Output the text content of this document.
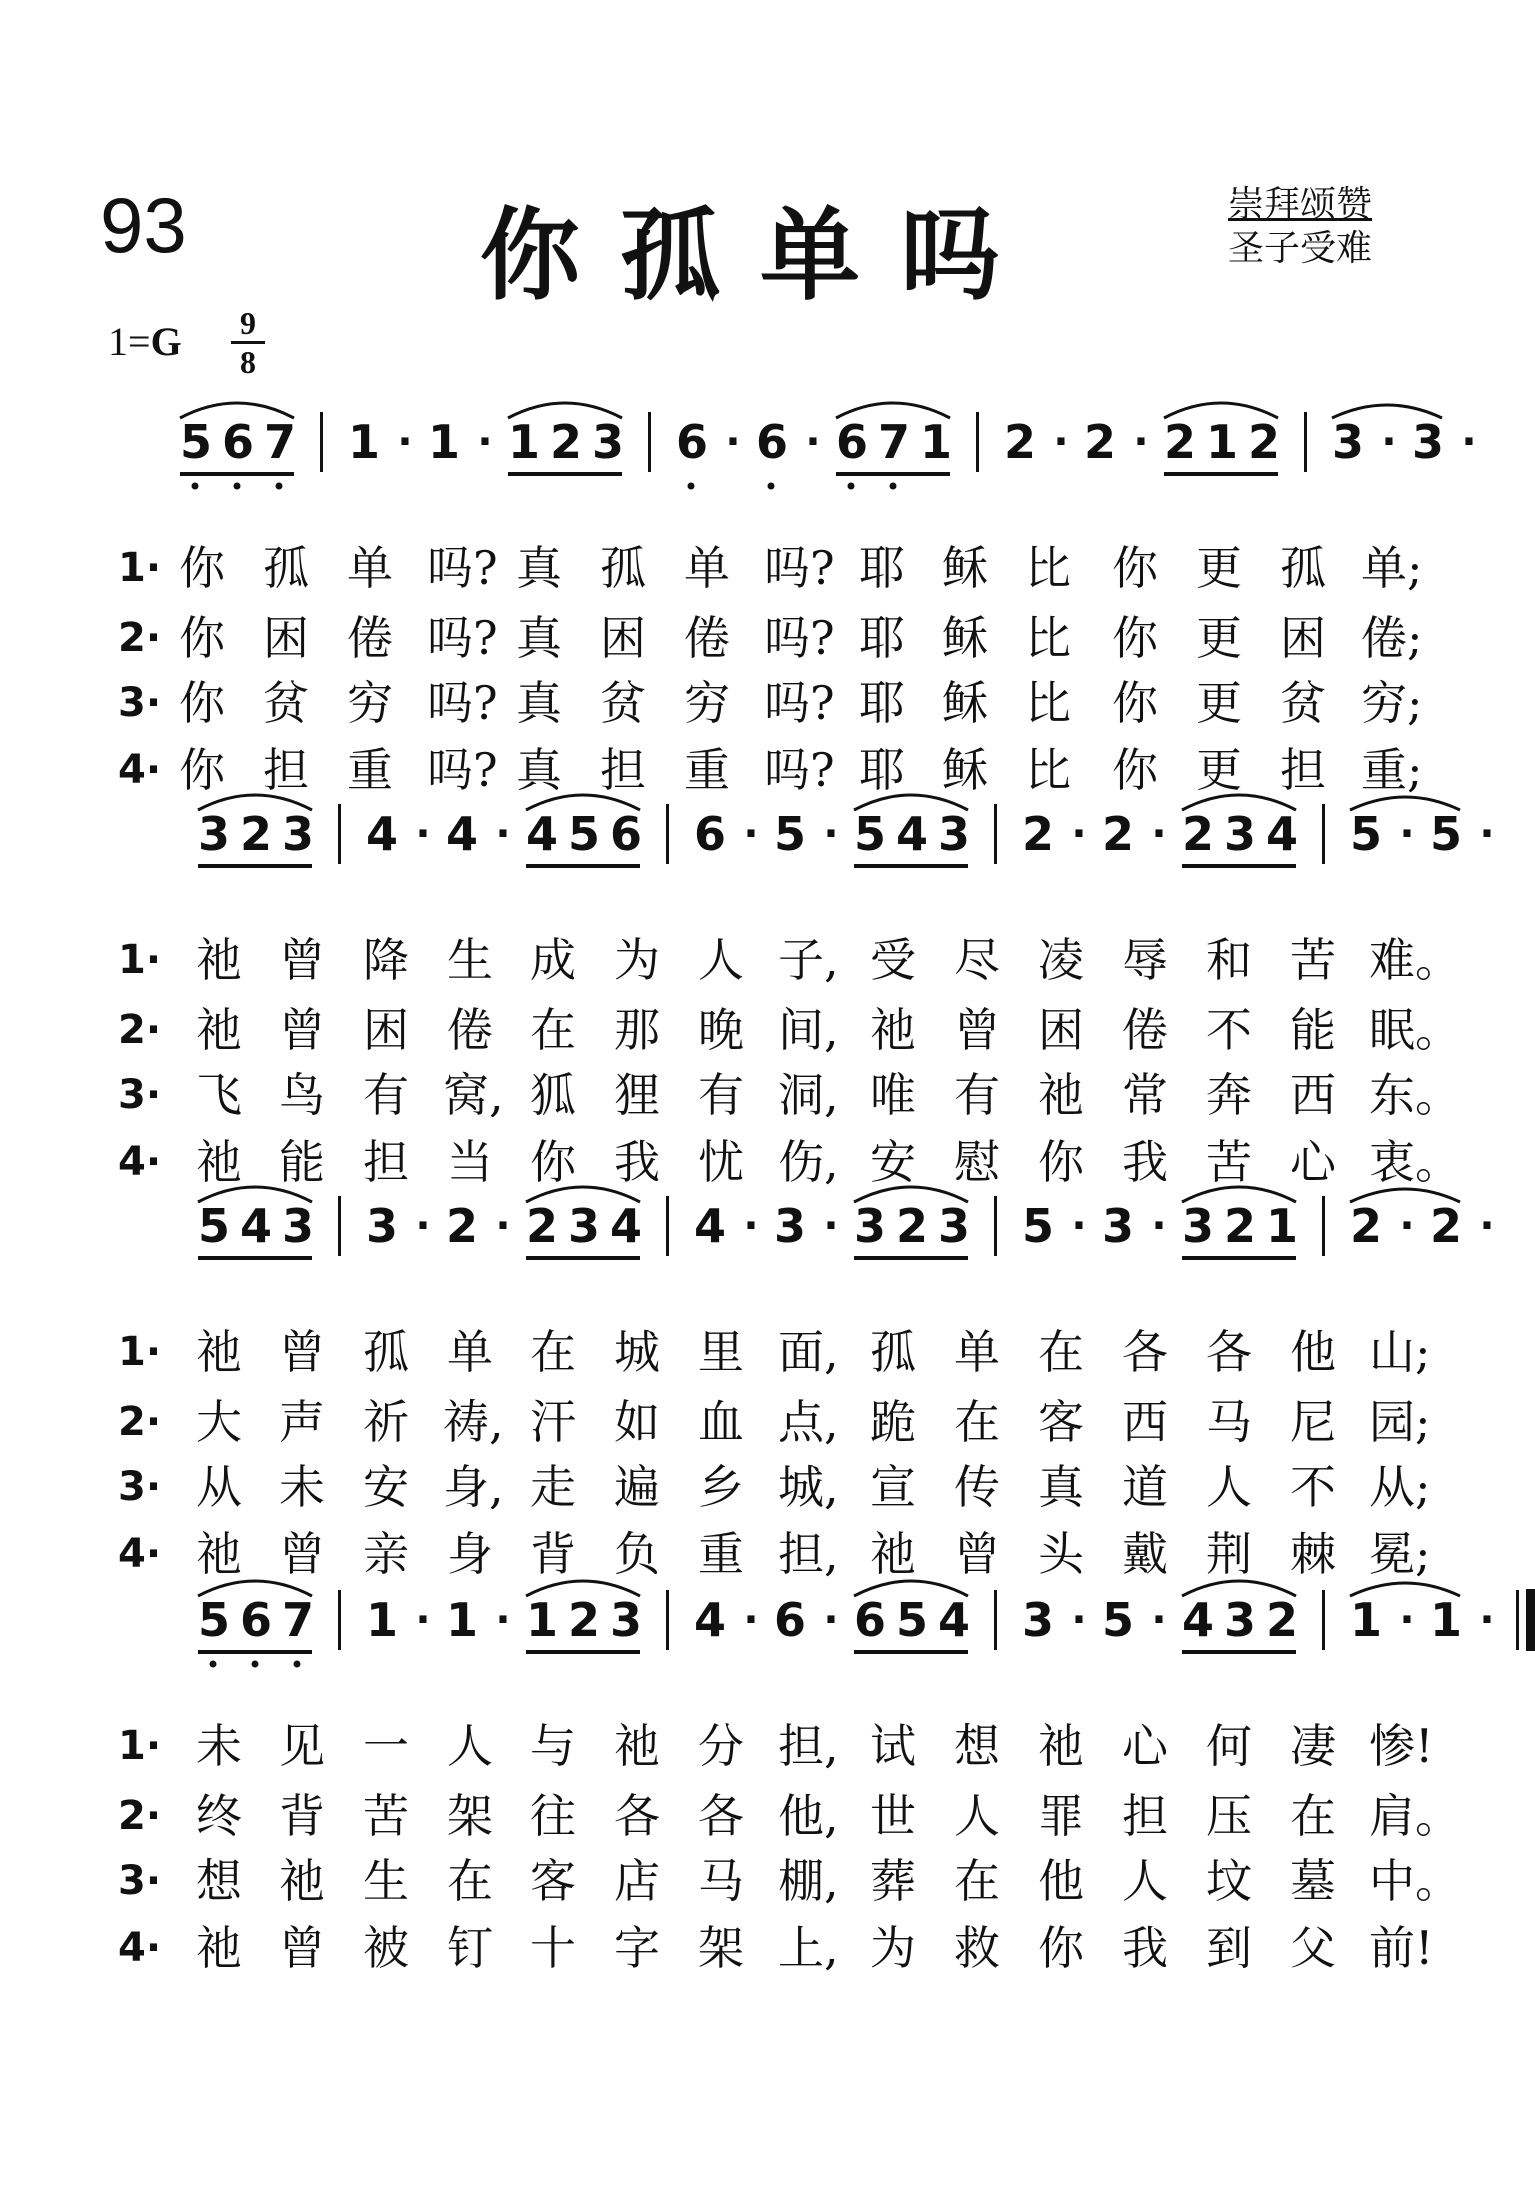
93	你孤单吗	崇拜颂赞
圣子受难
1=G 9
8
5 6 7 1 · 1 · 1 2 3 6 · 6 · 6 7 1 2 · 2 · 2 1 2 3 · 3 ·
1· 你 孤 单 吗? 真 孤 单 吗? 耶 稣 比 你 更 孤 单;
2· 你 困 倦 吗? 真 困 倦 吗? 耶 稣 比 你 更 困 倦;
3· 你 贫 穷 吗? 真 贫 穷 吗? 耶 稣 比 你 更 贫 穷;
4· 你 担 重 吗? 真 担 重 吗? 耶 稣 比 你 更 担 重;
3 2 3 4 · 4 · 4 5 6 6 · 5 · 5 4 3 2 · 2 · 2 3 4 5 · 5 ·
1· 祂 曾 降 生 成 为 人 子, 受 尽 凌 辱 和 苦 难。
2· 祂 曾 困 倦 在 那 晚 间, 祂 曾 困 倦 不 能 眠。
3· 飞 鸟 有 窝, 狐 狸 有 洞, 唯 有 祂 常 奔 西 东。
4· 祂 能 担 当 你 我 忧 伤, 安 慰 你 我 苦 心 衷。
5 4 3 3 · 2 · 2 3 4 4 · 3 · 3 2 3 5 · 3 · 3 2 1 2 · 2 ·
1· 祂 曾 孤 单 在 城 里 面, 孤 单 在 各 各 他 山;
2· 大 声 祈 祷, 汗 如 血 点, 跪 在 客 西 马 尼 园;
3· 从 未 安 身, 走 遍 乡 城, 宣 传 真 道 人 不 从;
4· 祂 曾 亲 身 背 负 重 担, 祂 曾 头 戴 荆 棘 冕;
5 6 7 1 · 1 · 1 2 3 4 · 6 · 6 5 4 3 · 5 · 4 3 2 1 · 1 ·
1· 未 见 一 人 与 祂 分 担, 试 想 祂 心 何 凄 惨!
2· 终 背 苦 架 往 各 各 他, 世 人 罪 担 压 在 肩。
3· 想 祂 生 在 客 店 马 棚, 葬 在 他 人 坟 墓 中。
4· 祂 曾 被 钉 十 字 架 上, 为 救 你 我 到 父 前!
